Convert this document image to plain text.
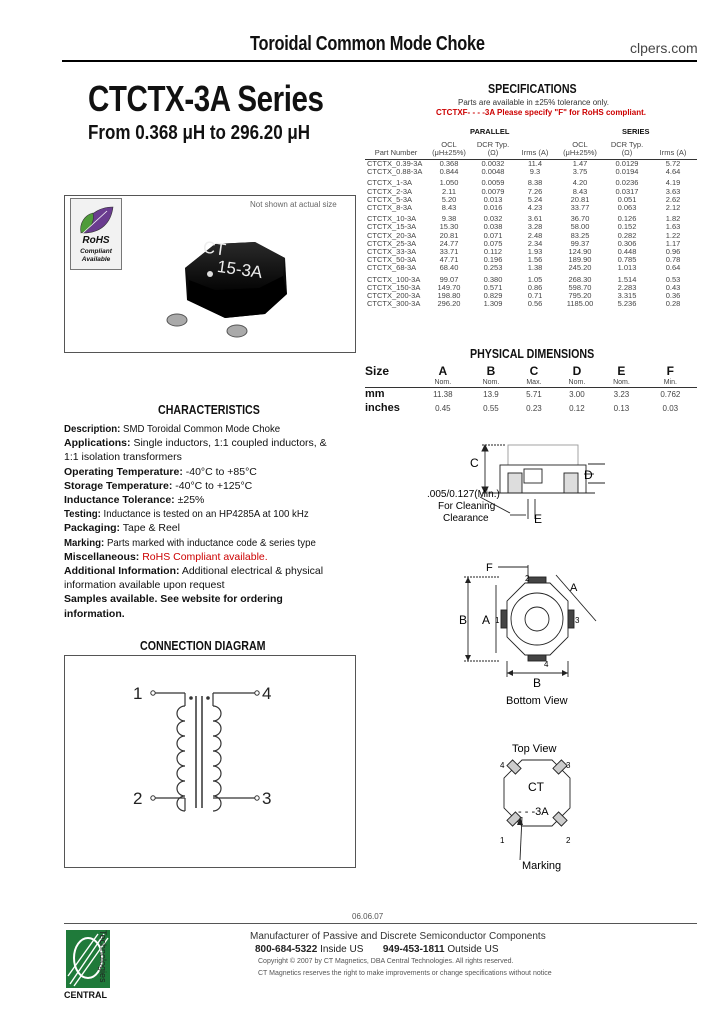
Toroidal Common Mode Choke	clpers.com
CTCTX-3A Series
From 0.368 μH to 296.20 μH
CT
15-3A
Not shown at actual size
RoHS
Compliant
Available
SPECIFICATIONS
Parts are available in ±25% tolerance only.
CTCTXF- - - -3A Please specify "F" for RoHS compliant.
PARALLEL	SERIES
Part Number	OCL (μH±25%)	DCR Typ. (Ω)	Irms (A)	OCL (μH±25%)	DCR Typ. (Ω)	Irms (A)
CTCTX_0.39-3A	0.368	0.0032	11.4	1.47	0.0129	5.72
CTCTX_0.88-3A	0.844	0.0048	9.3	3.75	0.0194	4.64

CTCTX_1-3A	1.050	0.0059	8.38	4.20	0.0236	4.19
CTCTX_2-3A	2.11	0.0079	7.26	8.43	0.0317	3.63
CTCTX_5-3A	5.20	0.013	5.24	20.81	0.051	2.62
CTCTX_8-3A	8.43	0.016	4.23	33.77	0.063	2.12

CTCTX_10-3A	9.38	0.032	3.61	36.70	0.126	1.82
CTCTX_15-3A	15.30	0.038	3.28	58.00	0.152	1.63
CTCTX_20-3A	20.81	0.071	2.48	83.25	0.282	1.22
CTCTX_25-3A	24.77	0.075	2.34	99.37	0.306	1.17
CTCTX_33-3A	33.71	0.112	1.93	124.90	0.448	0.96
CTCTX_50-3A	47.71	0.196	1.56	189.90	0.785	0.78
CTCTX_68-3A	68.40	0.253	1.38	245.20	1.013	0.64

CTCTX_100-3A	99.07	0.380	1.05	268.30	1.514	0.53
CTCTX_150-3A	149.70	0.571	0.86	598.70	2.283	0.43
CTCTX_200-3A	198.80	0.829	0.71	795.20	3.315	0.36
CTCTX_300-3A	296.20	1.309	0.56	1185.00	5.236	0.28
PHYSICAL DIMENSIONS
Size	A	B	C	D	E	F
	Nom.	Nom.	Max.	Nom.	Nom.	Min.
mm	11.38	13.9	5.71	3.00	3.23	0.762
inches	0.45	0.55	0.23	0.12	0.13	0.03
CHARACTERISTICS
Description: SMD Toroidal Common Mode Choke
Applications: Single inductors, 1:1 coupled inductors, & 1:1 isolation transformers
Operating Temperature: -40°C to +85°C
Storage Temperature: -40°C to +125°C
Inductance Tolerance: ±25%
Testing: Inductance is tested on an HP4285A at 100 kHz
Packaging: Tape & Reel
Marking: Parts marked with inductance code & series type
Miscellaneous: RoHS Compliant available.
Additional Information: Additional electrical & physical information available upon request
Samples available. See website for ordering information.
CONNECTION DIAGRAM
1
2	3
4
C
D
E
.005/0.127(Min.)
For Cleaning
Clearance
F
A
B A
B
2
3
1
4
Bottom View
Top View
4	3
1	2
CT
- - -3A
Marking
06.06.07
Technologies
CENTRAL
Manufacturer of Passive and Discrete Semiconductor Components
800-684-5322 Inside US 949-453-1811 Outside US
Copyright © 2007 by CT Magnetics, DBA Central Technologies. All rights reserved.
CT Magnetics reserves the right to make improvements or change specifications without notice
